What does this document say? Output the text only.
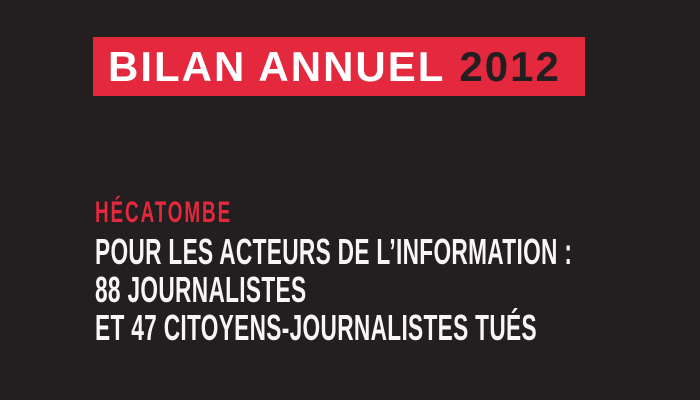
BILAN ANNUEL 2012
HÉCATOMBE
POUR LES ACTEURS DE L’INFORMATION :
88 JOURNALISTES
ET 47 CITOYENS-JOURNALISTES TUÉS
